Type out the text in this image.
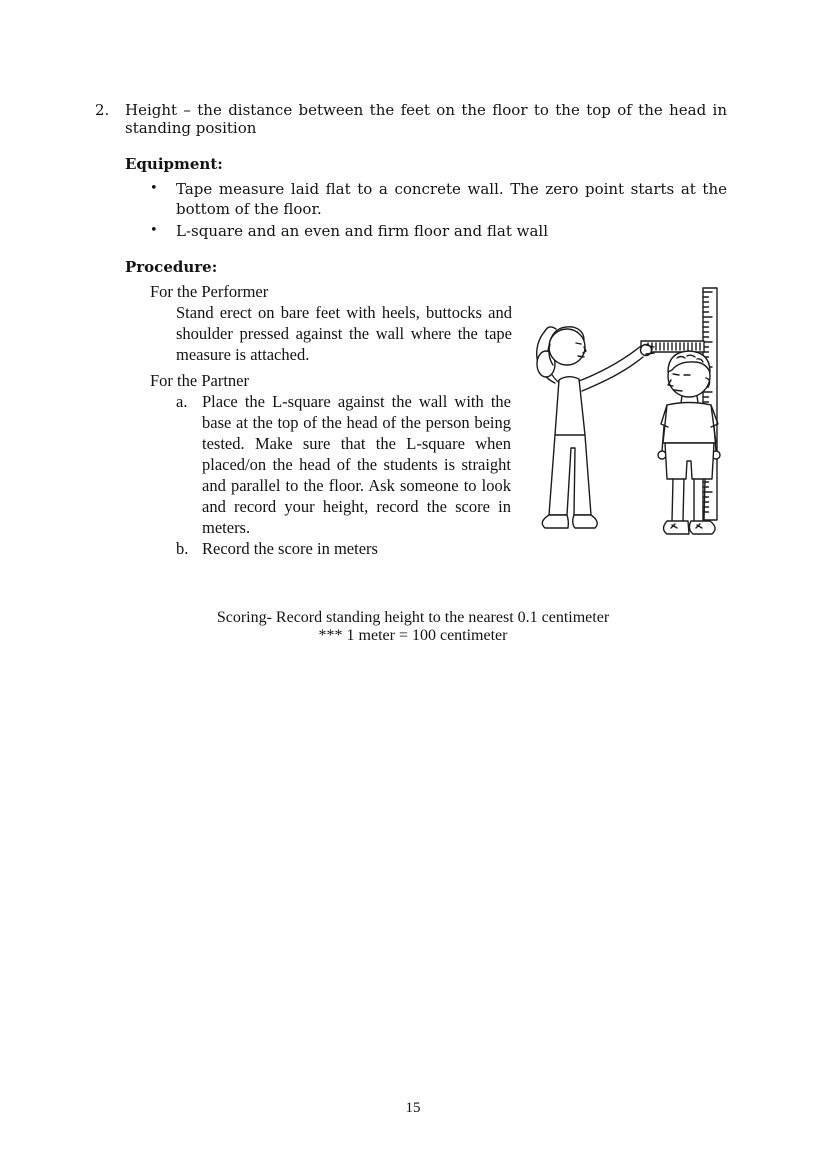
2.	Height – the distance between the feet on the floor to the top of the head in standing position
Equipment:
•	Tape measure laid flat to a concrete wall. The zero point starts at the bottom of the floor.
•	L-square and an even and firm floor and flat wall
Procedure:
For the Performer
Stand erect on bare feet with heels, buttocks and shoulder pressed against the wall where the tape measure is attached.
For the Partner
a. Place the L-square against the wall with the base at the top of the head of the person being tested. Make sure that the L-square when placed/on the head of the students is straight and parallel to the floor. Ask someone to look and record your height, record the score in meters.
b. Record the score in meters
Scoring- Record standing height to the nearest 0.1 centimeter
*** 1 meter = 100 centimeter
15
